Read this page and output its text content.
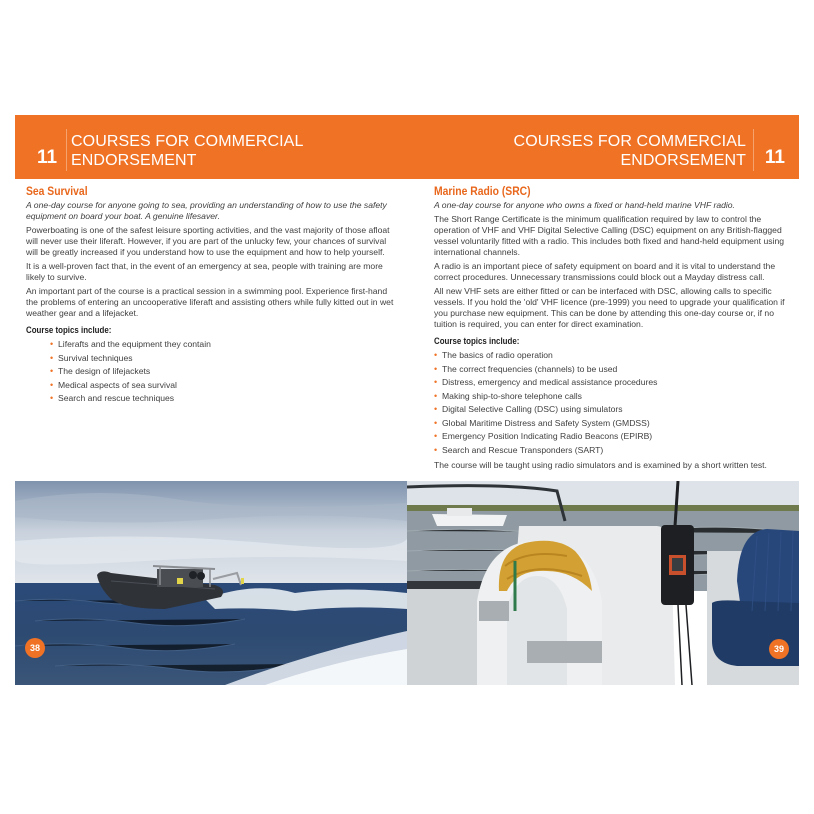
11
COURSES FOR COMMERCIAL
ENDORSEMENT
Sea Survival

A one-day course for anyone going to sea, providing an understanding of how to use the safety equipment on board your boat. A genuine lifesaver.

Powerboating is one of the safest leisure sporting activities, and the vast majority of those afloat will never use their liferaft. However, if you are part of the unlucky few, your chances of survival will be greatly increased if you understand how to use the equipment and how to help yourself.

It is a well-proven fact that, in the event of an emergency at sea, people with training are more likely to survive.

An important part of the course is a practical session in a swimming pool. Experience first-hand the problems of entering an uncooperative liferaft and assisting others while fully kitted out in wet weather gear and a lifejacket.

Course topics include:
• Liferafts and the equipment they contain
• Survival techniques
• The design of lifejackets
• Medical aspects of sea survival
• Search and rescue techniques
38
COURSES FOR COMMERCIAL
ENDORSEMENT 11
Marine Radio (SRC)

A one-day course for anyone who owns a fixed or hand-held marine VHF radio.

The Short Range Certificate is the minimum qualification required by law to control the operation of VHF and VHF Digital Selective Calling (DSC) equipment on any British-flagged vessel voluntarily fitted with a radio. This includes both fixed and hand-held equipment using international channels.

A radio is an important piece of safety equipment on board and it is vital to understand the correct procedures. Unnecessary transmissions could block out a Mayday distress call.

All new VHF sets are either fitted or can be interfaced with DSC, allowing calls to specific vessels. If you hold the 'old' VHF licence (pre-1999) you need to upgrade your qualification if you purchase new equipment. This can be done by attending this one-day course or, if no tuition is required, you can enter for direct examination.

Course topics include:
• The basics of radio operation
• The correct frequencies (channels) to be used
• Distress, emergency and medical assistance procedures
• Making ship-to-shore telephone calls
• Digital Selective Calling (DSC) using simulators
• Global Maritime Distress and Safety System (GMDSS)
• Emergency Position Indicating Radio Beacons (EPIRB)
• Search and Rescue Transponders (SART)

The course will be taught using radio simulators and is examined by a short written test.

39
